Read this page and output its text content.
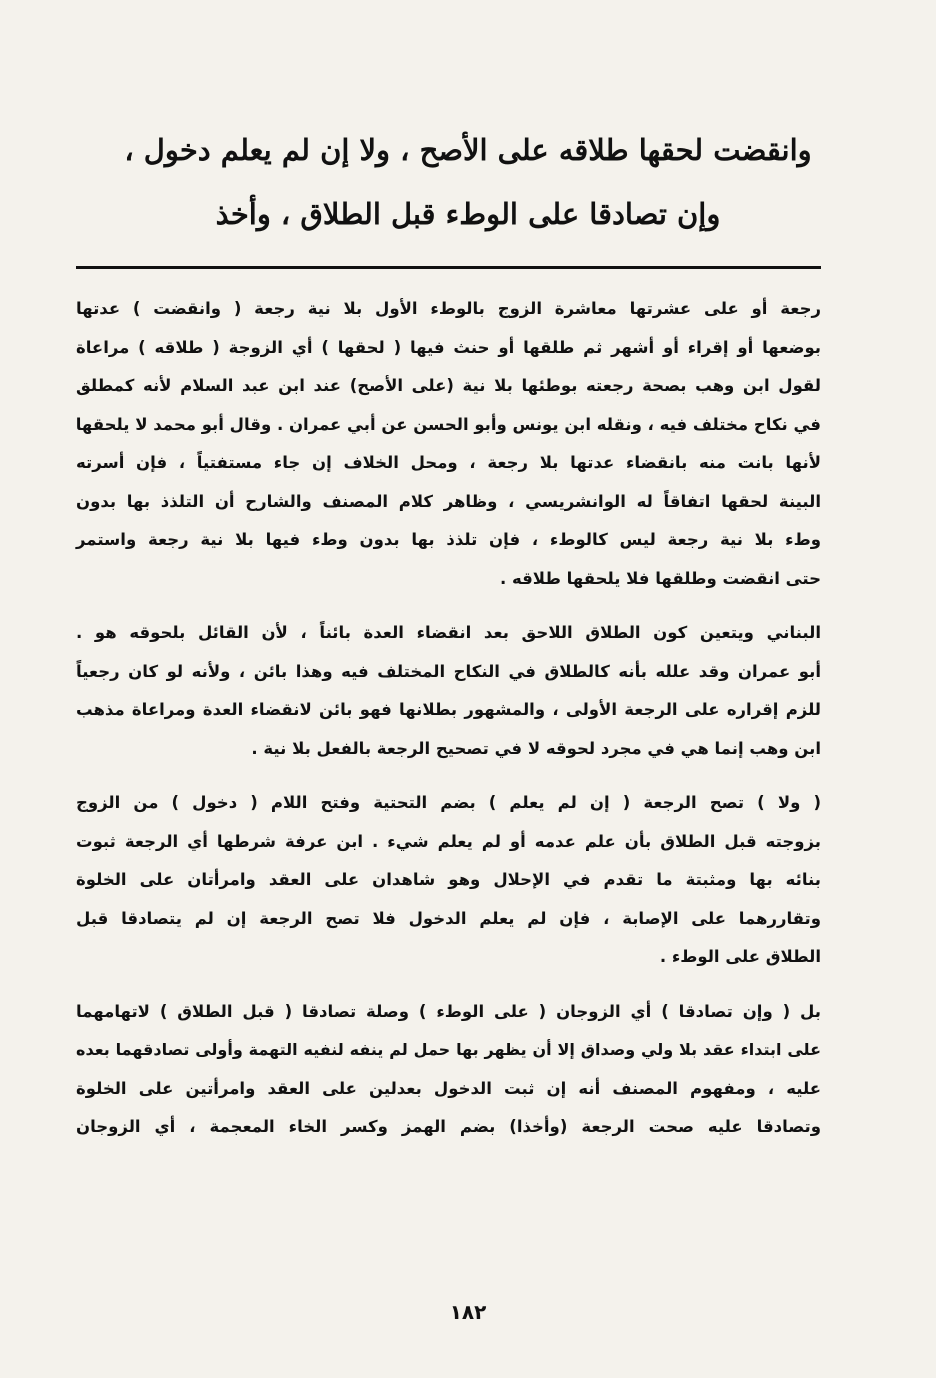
وانقضت لحقها طلاقه على الأصح ، ولا إن لم يعلم دخول ،
وإن تصادقا على الوطء قبل الطلاق ، وأخذ
رجعة أو على عشرتها معاشرة الزوج بالوطء الأول بلا نية رجعة ( وانقضت ) عدتها
بوضعها أو إقراء أو أشهر ثم طلقها أو حنث فيها ( لحقها ) أي الزوجة ( طلاقه ) مراعاة
لقول ابن وهب بصحة رجعته بوطئها بلا نية (على الأصح) عند ابن عبد السلام لأنه كمطلق
في نكاح مختلف فيه ، ونقله ابن يونس وأبو الحسن عن أبي عمران . وقال أبو محمد لا يلحقها
لأنها بانت منه بانقضاء عدتها بلا رجعة ، ومحل الخلاف إن جاء مستفتياً ، فإن أسرته
البينة لحقها اتفاقاً له الوانشريسي ، وظاهر كلام المصنف والشارح أن التلذذ بها بدون
وطء بلا نية رجعة ليس كالوطء ، فإن تلذذ بها بدون وطء فيها بلا نية رجعة واستمر
حتى انقضت وطلقها فلا يلحقها طلاقه .
البناني ويتعين كون الطلاق اللاحق بعد انقضاء العدة بائناً ، لأن القائل بلحوقه هو .
أبو عمران وقد علله بأنه كالطلاق في النكاح المختلف فيه وهذا بائن ، ولأنه لو كان رجعياً
للزم إقراره على الرجعة الأولى ، والمشهور بطلانها فهو بائن لانقضاء العدة ومراعاة مذهب
ابن وهب إنما هي في مجرد لحوقه لا في تصحيح الرجعة بالفعل بلا نية .
( ولا ) تصح الرجعة ( إن لم يعلم ) بضم التحتية وفتح اللام ( دخول ) من الزوج
بزوجته قبل الطلاق بأن علم عدمه أو لم يعلم شيء . ابن عرفة شرطها أي الرجعة ثبوت
بنائه بها ومثبتة ما تقدم في الإحلال وهو شاهدان على العقد وامرأتان على الخلوة
وتقاررهما على الإصابة ، فإن لم يعلم الدخول فلا تصح الرجعة إن لم يتصادقا قبل
الطلاق على الوطء .
بل ( وإن تصادقا ) أي الزوجان ( على الوطء ) وصلة تصادقا ( قبل الطلاق ) لاتهامهما
على ابتداء عقد بلا ولي وصداق إلا أن يظهر بها حمل لم ينفه لنفيه التهمة وأولى تصادقهما بعده
عليه ، ومفهوم المصنف أنه إن ثبت الدخول بعدلين على العقد وامرأتين على الخلوة
وتصادقا عليه صحت الرجعة (وأخذا) بضم الهمز وكسر الخاء المعجمة ، أي الزوجان
١٨٢
